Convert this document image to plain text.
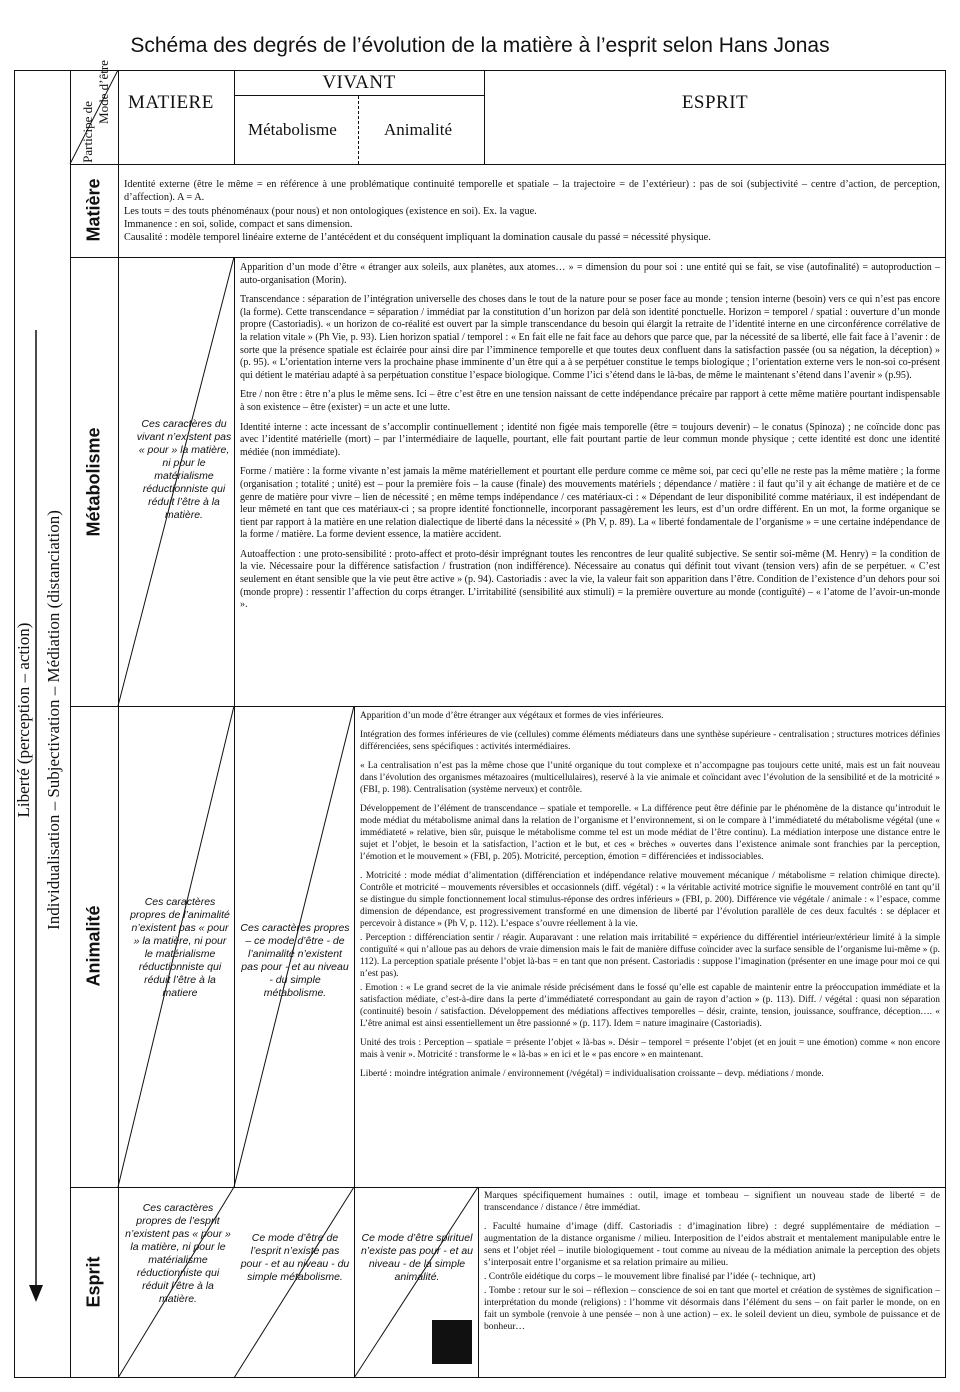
Schéma des degrés de l’évolution de la matière à l’esprit selon Hans Jonas
Participe de
Mode d’être MATIERE
VIVANT
Métabolisme	Animalité
ESPRIT
Liberté (perception – action) Individualisation – Subjectivation – Médiation (distanciation)
Matière
Métabolisme
Animalité
Esprit
Identité externe (être le même = en référence à une problématique continuité temporelle et spatiale – la trajectoire = de l’extérieur) : pas de soi (subjectivité – centre d’action, de perception, d’affection). A = A.
Les touts = des touts phénoménaux (pour nous) et non ontologiques (existence en soi). Ex. la vague.
Immanence : en soi, solide, compact et sans dimension.
Causalité : modèle temporel linéaire externe de l’antécédent et du conséquent impliquant la domination causale du passé = nécessité physique.
Ces caractères du vivant n’existent pas « pour » la matière, ni pour le matérialisme réductionniste qui réduit l’être à la matière.

Apparition d’un mode d’être « étranger aux soleils, aux planètes, aux atomes… » = dimension du pour soi : une entité qui se fait, se vise (autofinalité) = autoproduction – auto-organisation (Morin).

Transcendance : séparation de l’intégration universelle des choses dans le tout de la nature pour se poser face au monde ; tension interne (besoin) vers ce qui n’est pas encore (la forme). Cette transcendance = séparation / immédiat par la constitution d’un horizon par delà son identité ponctuelle. Horizon = temporel / spatial : ouverture d’un monde propre (Castoriadis). « un horizon de co-réalité est ouvert par la simple transcendance du besoin qui élargit la retraite de l’identité interne en une circonférence corrélative de la relation vitale » (Ph Vie, p. 93). Lien horizon spatial / temporel : « En fait elle ne fait face au dehors que parce que, par la nécessité de sa liberté, elle fait face à l’avenir : de sorte que la présence spatiale est éclairée pour ainsi dire par l’imminence temporelle et que toutes deux confluent dans la satisfaction passée (ou sa négation, la déception) » (p. 95). « L’orientation interne vers la prochaine phase imminente d’un être qui a à se perpétuer constitue le temps biologique ; l’orientation externe vers le non-soi co-présent qui détient le matériau adapté à sa perpétuation constitue l’espace biologique. Comme l’ici s’étend dans le là-bas, de même le maintenant s’étend dans l’avenir » (p.95).

Etre / non être : être n’a plus le même sens. Ici – être c’est être en une tension naissant de cette indépendance précaire par rapport à cette même matière pourtant indispensable à son existence – être (exister) = un acte et une lutte.

Identité interne : acte incessant de s’accomplir continuellement ; identité non figée mais temporelle (être = toujours devenir) – le conatus (Spinoza) ; ne coïncide donc pas avec l’identité matérielle (mort) – par l’intermédiaire de laquelle, pourtant, elle fait pourtant partie de leur commun monde physique ; cette identité est donc une identité médiée (non immédiate).

Forme / matière : la forme vivante n’est jamais la même matériellement et pourtant elle perdure comme ce même soi, par ceci qu’elle ne reste pas la même matière ; la forme (organisation ; totalité ; unité) est – pour la première fois – la cause (finale) des mouvements matériels ; dépendance / matière : il faut qu’il y ait échange de matière et de ce genre de matière pour vivre – lien de nécessité ; en même temps indépendance / ces matériaux-ci : « Dépendant de leur disponibilité comme matériaux, il est indépendant de leur mêmeté en tant que ces matériaux-ci ; sa propre identité fonctionnelle, incorporant passagèrement les leurs, est d’un ordre différent. En un mot, la forme organique se tient par rapport à la matière en une relation dialectique de liberté dans la nécessité » (Ph V, p. 89). La « liberté fondamentale de l’organisme » = une certaine indépendance de la forme / matière. La forme devient essence, la matière accident.

Autoaffection : une proto-sensibilité : proto-affect et proto-désir imprégnant toutes les rencontres de leur qualité subjective. Se sentir soi-même (M. Henry) = la condition de la vie. Nécessaire pour la différence satisfaction / frustration (non indifférence). Nécessaire au conatus qui définit tout vivant (tension vers) afin de se perpétuer. « C’est seulement en étant sensible que la vie peut être active » (p. 94). Castoriadis : avec la vie, la valeur fait son apparition dans l’être. Condition de l’existence d’un dehors pour soi (monde propre) : ressentir l’affection du corps étranger. L’irritabilité (sensibilité aux stimuli) = la première ouverture au monde (contiguïté) – « l’atome de l’avoir-un-monde ».

Ces caractères propres de l’animalité n’existent pas « pour » la matière, ni pour le matérialisme réductionniste qui réduit l’être à la matiere
Ces caractères propres – ce mode d’être - de l’animalité n’existent pas pour - et au niveau - du simple métabolisme.

Apparition d’un mode d’être étranger aux végétaux et formes de vies inférieures.

Intégration des formes inférieures de vie (cellules) comme éléments médiateurs dans une synthèse supérieure - centralisation ; structures motrices définies différenciées, sens spécifiques : activités intermédiaires.

« La centralisation n’est pas la même chose que l’unité organique du tout complexe et n’accompagne pas toujours cette unité, mais est un fait nouveau dans l’évolution des organismes métazoaires (multicellulaires), reservé à la vie animale et coïncidant avec l’évolution de la sensibilité et de la motricité » (FBI, p. 198). Centralisation (système nerveux) et contrôle.

Développement de l’élément de transcendance – spatiale et temporelle. « La différence peut être définie par le phénomène de la distance qu’introduit le mode médiat du métabolisme animal dans la relation de l’organisme et l’environnement, si on le compare à l’immédiateté du métabolisme végétal (une « immédiateté » relative, bien sûr, puisque le métabolisme comme tel est un mode médiat de l’être continu). La médiation interpose une distance entre le sujet et l’objet, le besoin et la satisfaction, l’action et le but, et ces « brèches » ouvertes dans l’existence animale sont franchies par la perception, l’émotion et le mouvement » (FBI, p. 205). Motricité, perception, émotion = différenciées et indissociables.

. Motricité : mode médiat d’alimentation (différenciation et indépendance relative mouvement mécanique / métabolisme = relation chimique directe). Contrôle et motricité – mouvements réversibles et occasionnels (diff. végétal) : « la véritable activité motrice signifie le mouvement contrôlé en tant qu’il se distingue du simple fonctionnement local stimulus-réponse des ordres inférieurs » (FBI, p. 200). Différence vie végétale / animale : « l’espace, comme dimension de dépendance, est progressivement transformé en une dimension de liberté par l’évolution parallèle de ces deux facultés : se déplacer et percevoir à distance » (Ph V, p. 112). L’espace s’ouvre réellement à la vie.

. Perception : différenciation sentir / réagir. Auparavant : une relation mais irritabilité = expérience du différentiel intérieur/extérieur limité à la simple contiguïté « qui n’alloue pas au dehors de vraie dimension mais le fait de manière diffuse coïncider avec la surface sensible de l’organisme lui-même » (p. 112). La perception spatiale présente l’objet là-bas = en tant que non présent. Castoriadis : suppose l’imagination (présenter en une image pour moi ce qui n’est pas).

. Emotion : « Le grand secret de la vie animale réside précisément dans le fossé qu’elle est capable de maintenir entre la préoccupation immédiate et la satisfaction médiate, c’est-à-dire dans la perte d’immédiateté correspondant au gain de rayon d’action » (p. 113). Diff. / végétal : quasi non séparation (continuité) besoin / satisfaction. Développement des médiations affectives temporelles – désir, crainte, tension, jouissance, souffrance, déception…. « L’être animal est ainsi essentiellement un être passionné » (p. 117). Idem = nature imaginaire (Castoriadis).

Unité des trois : Perception – spatiale = présente l’objet « là-bas ». Désir – temporel = présente l’objet (et en jouit = une émotion) comme « non encore mais à venir ». Motricité : transforme le « là-bas » en ici et le « pas encore » en maintenant.

Liberté : moindre intégration animale / environnement (/végétal) = individualisation croissante – devp. médiations / monde.

Ces caractères propres de l’esprit n’existent pas « pour » la matière, ni pour le matérialisme réductionniste qui réduit l’être à la matière.
Ce mode d’être de l’esprit n’existe pas pour - et au niveau - du simple métabolisme.
Ce mode d’être spirituel n’existe pas pour - et au niveau - de la simple animalité.

Marques spécifiquement humaines : outil, image et tombeau – signifient un nouveau stade de liberté = de transcendance / distance / être immédiat.

. Faculté humaine d’image (diff. Castoriadis : d’imagination libre) : degré supplémentaire de médiation – augmentation de la distance organisme / milieu. Interposition de l’eidos abstrait et mentalement manipulable entre le sens et l’objet réel – inutile biologiquement - tout comme au niveau de la médiation animale la perception des objets s’interposait entre l’organisme et sa relation primaire au milieu.

. Contrôle eidétique du corps – le mouvement libre finalisé par l’idée (- technique, art)

. Tombe : retour sur le soi – réflexion – conscience de soi en tant que mortel et création de systèmes de signification – interprétation du monde (religions) : l’homme vit désormais dans l’élément du sens – on fait parler le monde, on en fait un symbole (renvoie à une pensée – non à une action) – ex. le soleil devient un dieu, symbole de puissance et de bonheur…
